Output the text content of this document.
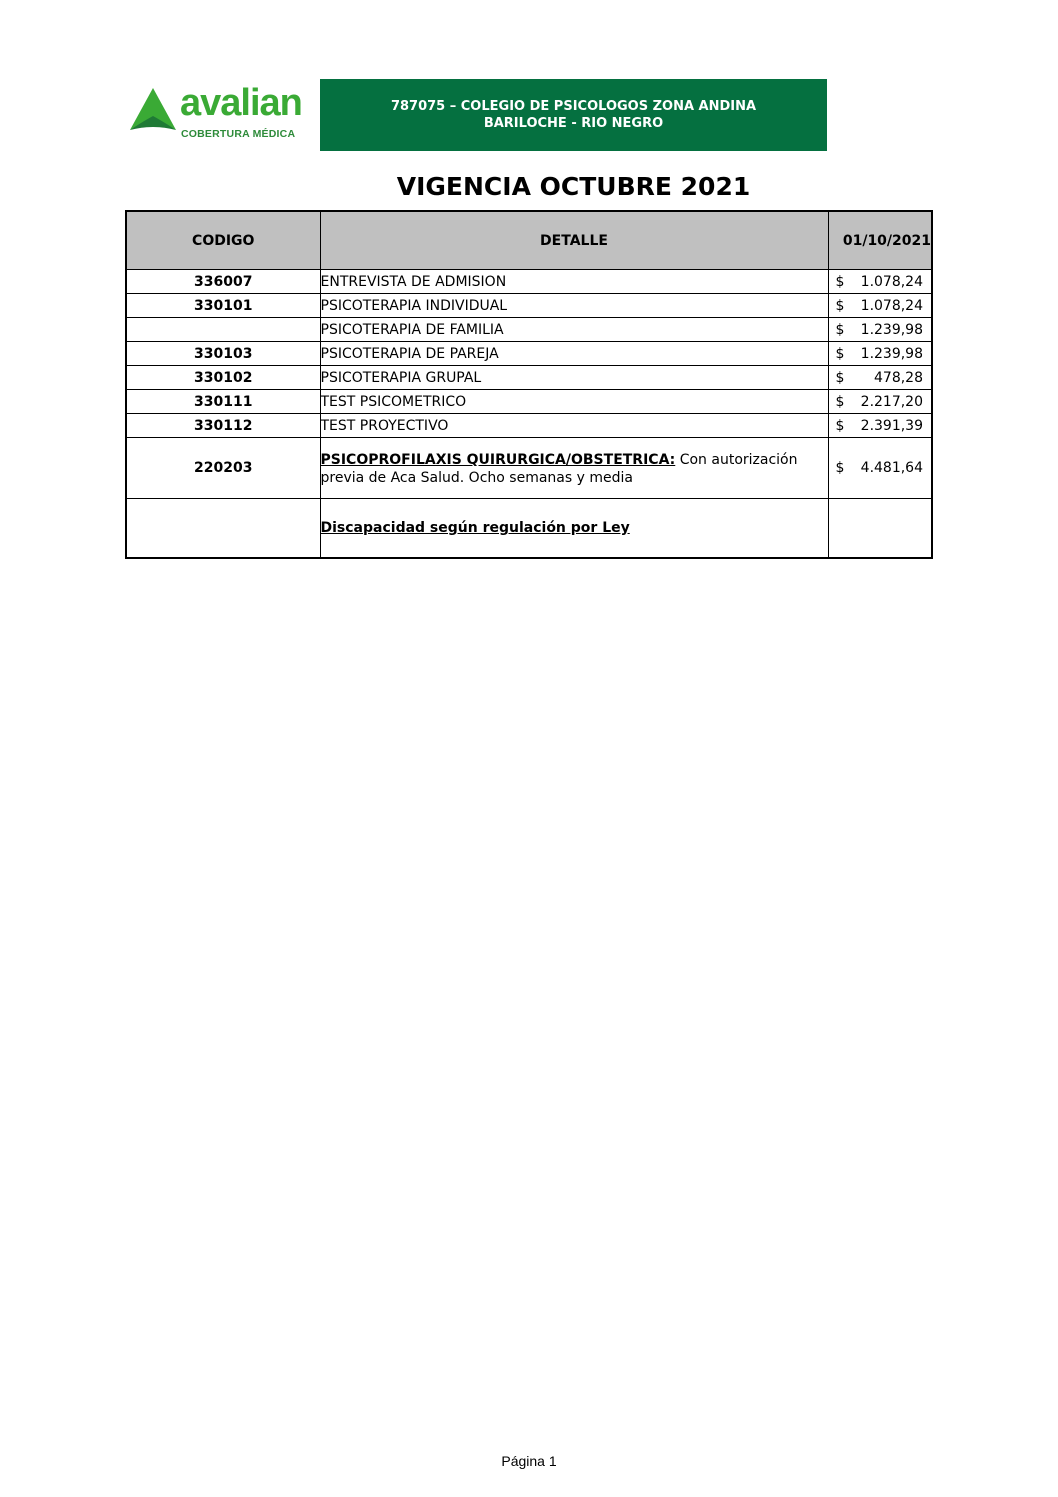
avalian
COBERTURA MÉDICA
787075 – COLEGIO DE PSICOLOGOS ZONA ANDINA
BARILOCHE - RIO NEGRO
VIGENCIA OCTUBRE 2021
CODIGO	DETALLE	01/10/2021
336007	ENTREVISTA DE ADMISION	$ 1.078,24

330101	PSICOTERAPIA INDIVIDUAL	$ 1.078,24

	PSICOTERAPIA DE FAMILIA	$ 1.239,98

330103	PSICOTERAPIA DE PAREJA	$ 1.239,98

330102	PSICOTERAPIA GRUPAL	$ 478,28

330111	TEST PSICOMETRICO	$ 2.217,20

330112	TEST PROYECTIVO	$ 2.391,39

220203	PSICOPROFILAXIS QUIRURGICA/OBSTETRICA: Con autorización previa de Aca Salud. Ocho semanas y media	$ 4.481,64

	Discapacidad según regulación por Ley	
Página 1
